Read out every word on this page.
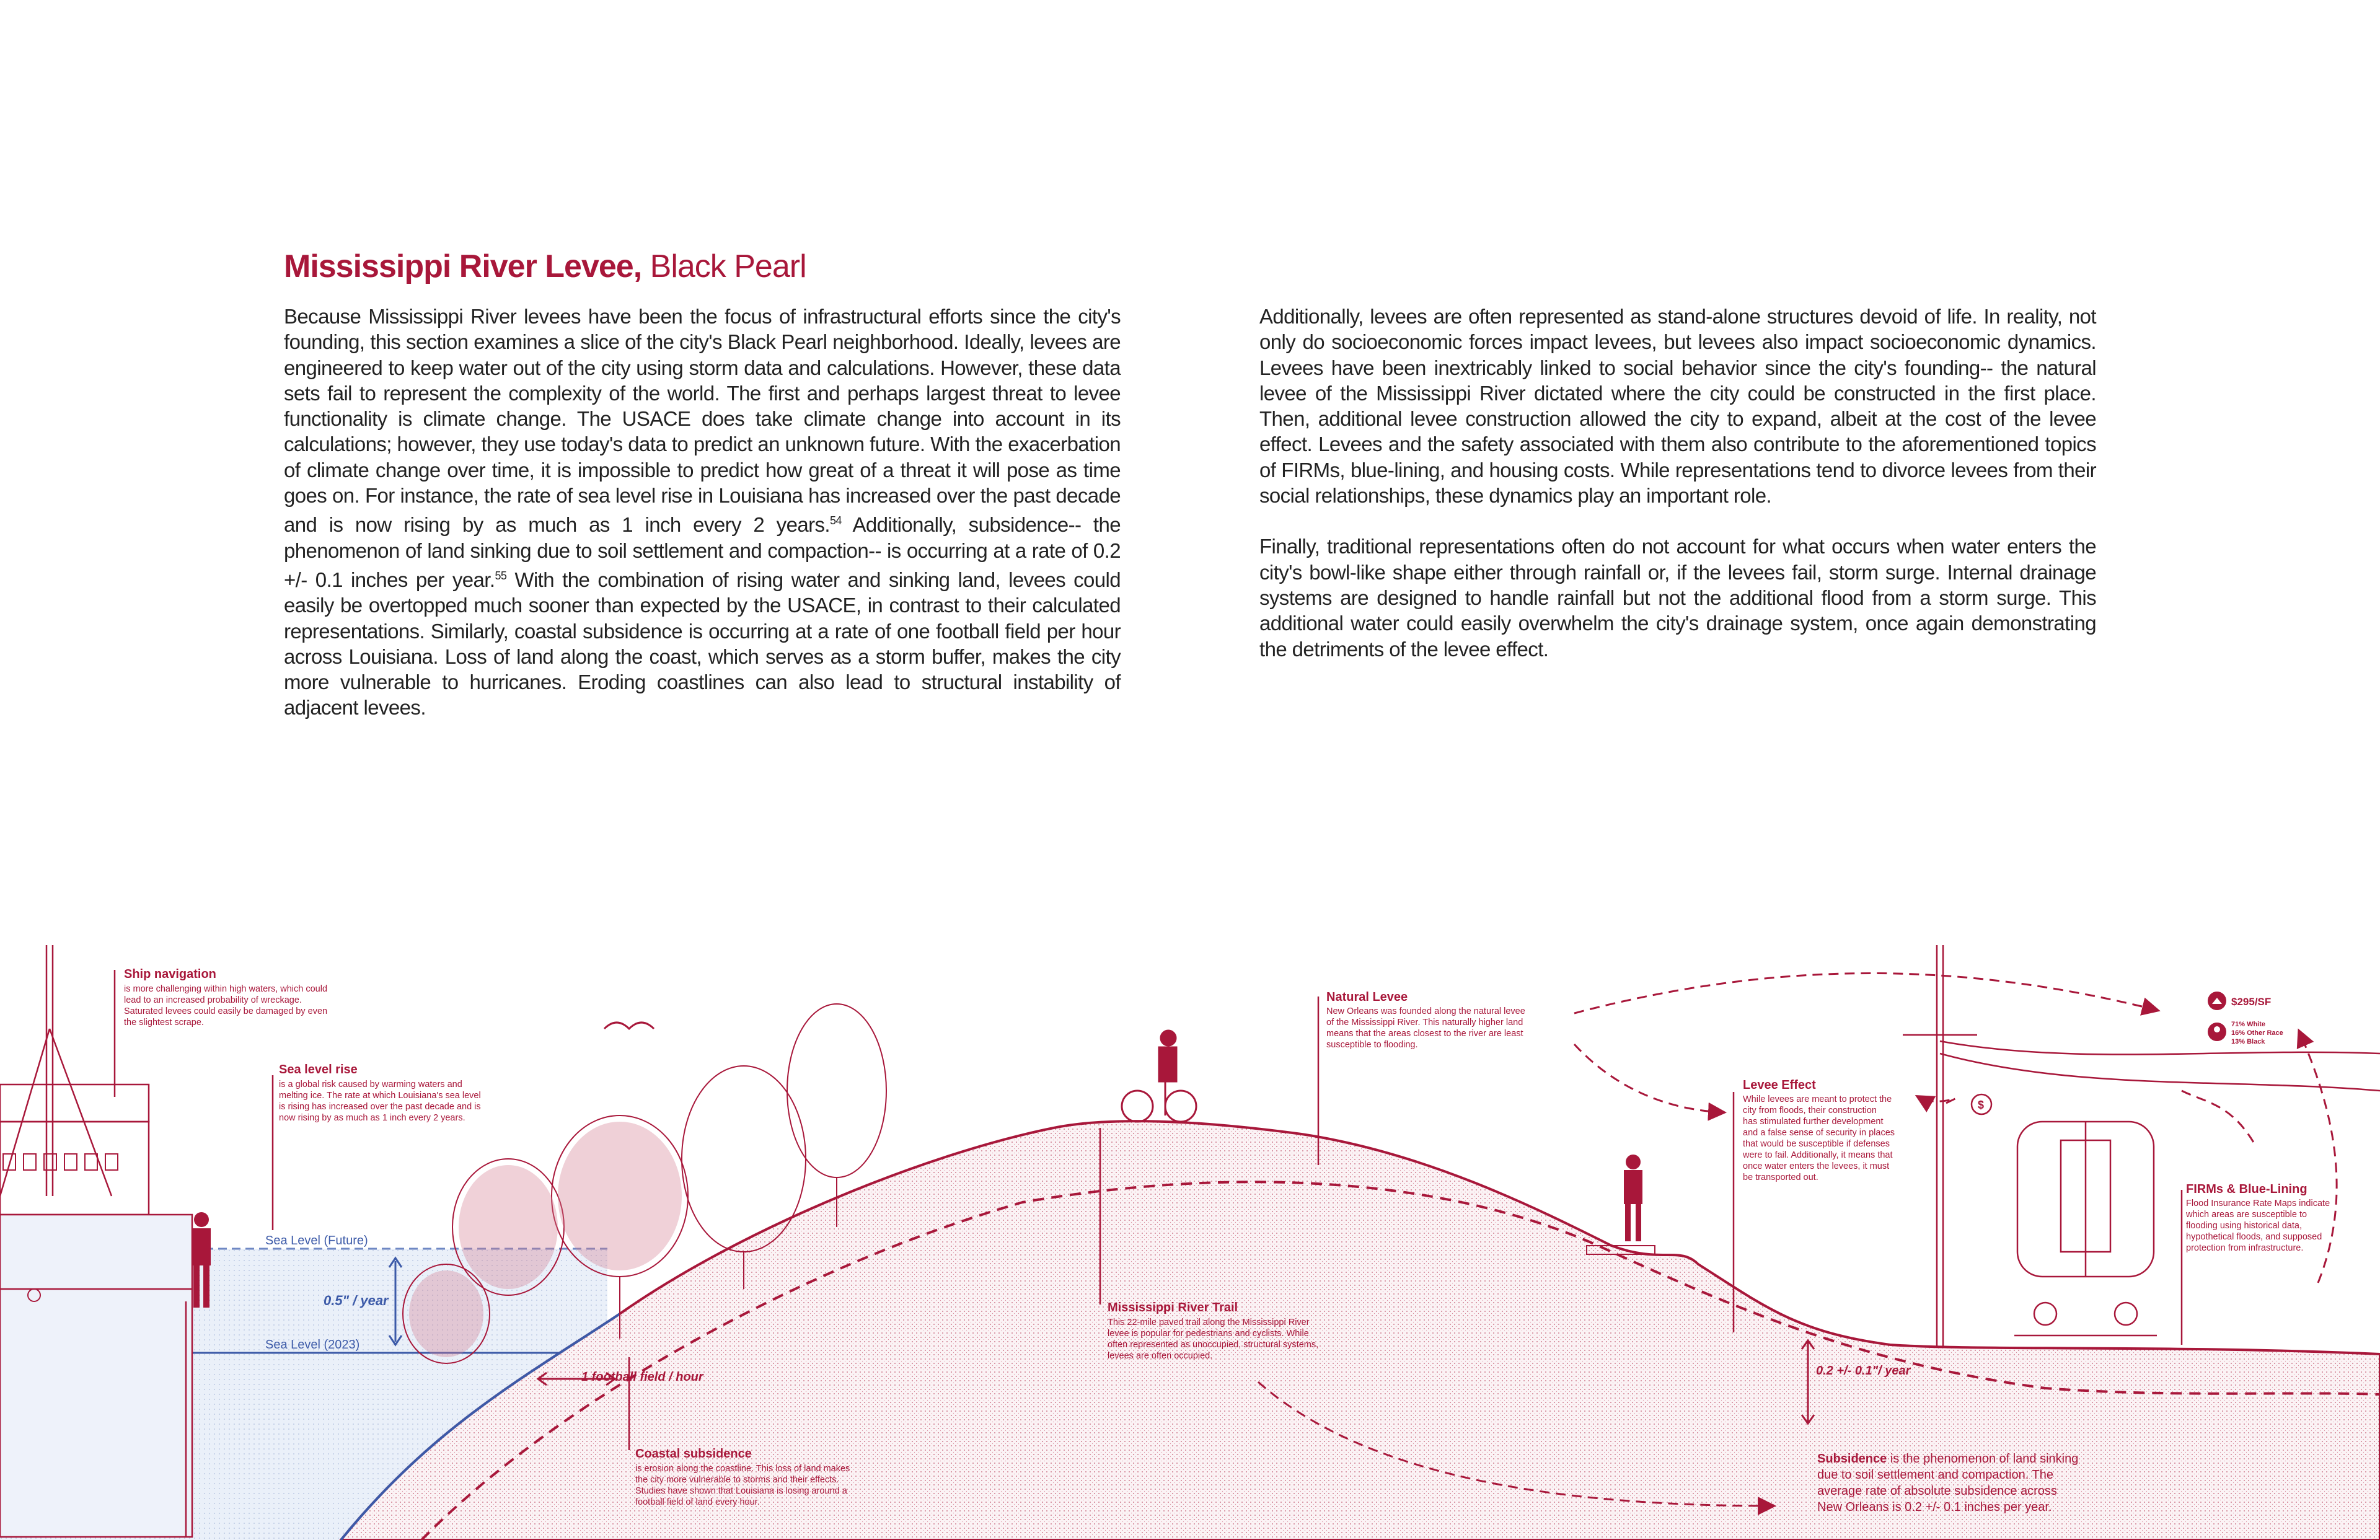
Mississippi River Levee, Black Pearl

Because Mississippi River levees have been the focus of infrastructural efforts since the city's founding, this section examines a slice of the city's Black Pearl neighborhood. Ideally, levees are engineered to keep water out of the city using storm data and calculations. However, these data sets fail to represent the complexity of the world. The first and perhaps largest threat to levee functionality is climate change. The USACE does take climate change into account in its calculations; however, they use today's data to predict an unknown future. With the exacerbation of climate change over time, it is impossible to predict how great of a threat it will pose as time goes on. For instance, the rate of sea level rise in Louisiana has increased over the past decade and is now rising by as much as 1 inch every 2 years.$^{54}$ Additionally, subsidence-- the phenomenon of land sinking due to soil settlement and compaction-- is occurring at a rate of 0.2 +/- 0.1 inches per year.$^{55}$ With the combination of rising water and sinking land, levees could easily be overtopped much sooner than expected by the USACE, in contrast to their calculated representations. Similarly, coastal subsidence is occurring at a rate of one football field per hour across Louisiana. Loss of land along the coast, which serves as a storm buffer, makes the city more vulnerable to hurricanes. Eroding coastlines can also lead to structural instability of adjacent levees.

Additionally, levees are often represented as stand-alone structures devoid of life. In reality, not only do socioeconomic forces impact levees, but levees also impact socioeconomic dynamics. Levees have been inextricably linked to social behavior since the city's founding-- the natural levee of the Mississippi River dictated where the city could be constructed in the first place. Then, additional levee construction allowed the city to expand, albeit at the cost of the levee effect. Levees and the safety associated with them also contribute to the aforementioned topics of FIRMs, blue-lining, and housing costs. While representations tend to divorce levees from their social relationships, these dynamics play an important role.

Finally, traditional representations often do not account for what occurs when water enters the city's bowl-like shape either through rainfall or, if the levees fail, storm surge. Internal drainage systems are designed to handle rainfall but not the additional flood from a storm surge. This additional water could easily overwhelm the city's drainage system, once again demonstrating the detriments of the levee effect.

Ship navigation
is more challenging within high waters, which could lead to an increased probability of wreckage. Saturated levees could easily be damaged by even the slightest scrape.
Sea level rise
is a global risk caused by warming waters and melting ice. The rate at which Louisiana's sea level is rising has increased over the past decade and is now rising by as much as 1 inch every 2 years.
Natural Levee
New Orleans was founded along the natural levee of the Mississippi River. This naturally higher land means that the areas closest to the river are least susceptible to flooding.
Levee Effect
While levees are meant to protect the city from floods, their construction has stimulated further development and a false sense of security in places that would be susceptible if defenses were to fail. Additionally, it means that once water enters the levees, it must be transported out.
FIRMs & Blue-Lining
Flood Insurance Rate Maps indicate which areas are susceptible to flooding using historical data, hypothetical floods, and supposed protection from infrastructure.
Mississippi River Trail
This 22-mile paved trail along the Mississippi River levee is popular for pedestrians and cyclists. While often represented as unoccupied, structural systems, levees are often occupied.
Coastal subsidence
is erosion along the coastline. This loss of land makes the city more vulnerable to storms and their effects. Studies have shown that Louisiana is losing around a football field of land every hour.
Subsidence is the phenomenon of land sinking due to soil settlement and compaction. The average rate of absolute subsidence across New Orleans is 0.2 +/- 0.1 inches per year.
Sea Level (Future)
Sea Level (2023)
0.5" / year
1 football field / hour	0.2 +/- 0.1"/ year
$295/SF
71% White
16% Other Race
13% Black
$
